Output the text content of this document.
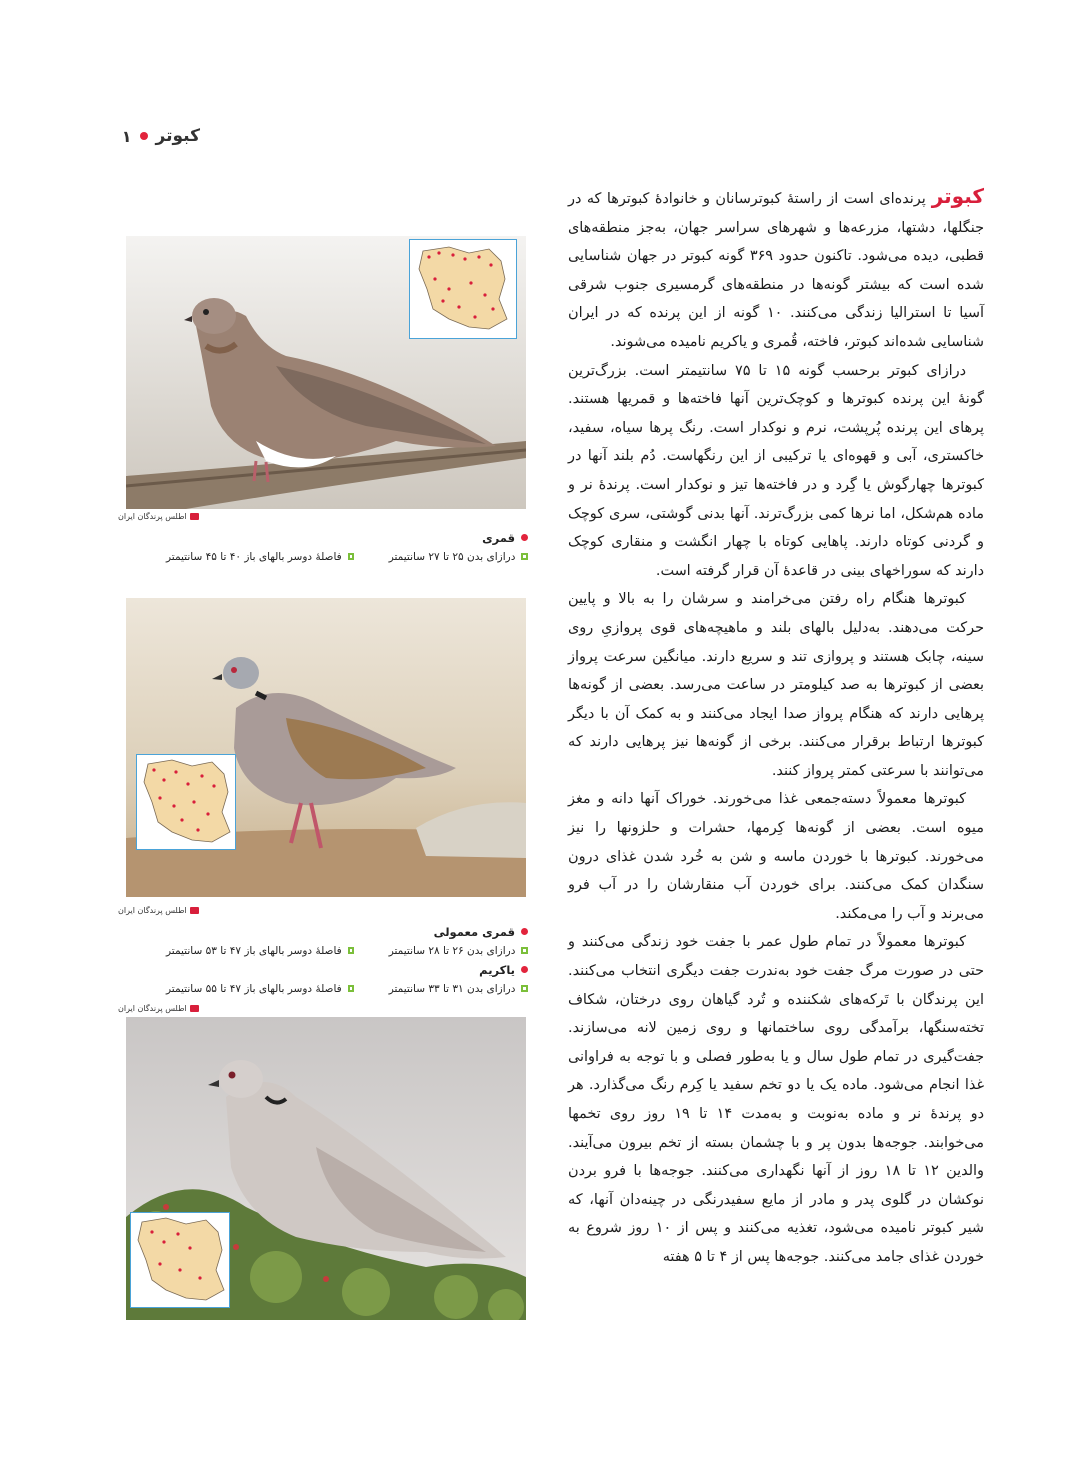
کبوتر
۱

کبوترپرنده‌ای است از راستهٔ کبوترسانان و خانوادهٔ کبوترها که در جنگلها، دشتها، مزرعه‌ها و شهرهای سراسر جهان، به‌جز منطقه‌های قطبی، دیده می‌شود. تاکنون حدود ۳۶۹ گونه کبوتر در جهان شناسایی شده است که بیشتر گونه‌ها در منطقه‌های گرمسیری جنوب شرقی آسیا تا استرالیا زندگی می‌کنند. ۱۰ گونه از این پرنده که در ایران شناسایی شده‌اند کبوتر، فاخته، قُمری و یاکریم نامیده می‌شوند.

درازای کبوتر برحسب گونه ۱۵ تا ۷۵ سانتیمتر است. بزرگ‌ترین گونهٔ این پرنده کبوترها و کوچک‌ترین آنها فاخته‌ها و قمریها هستند. پرهای این پرنده پُرپشت، نرم و نوکدار است. رنگ پرها سیاه، سفید، خاکستری، آبی و قهوه‌ای یا ترکیبی از این رنگهاست. دُم بلند آنها در کبوترها چهارگوش یا گِرد و در فاخته‌ها تیز و نوکدار است. پرندهٔ نر و ماده هم‌شکل، اما نرها کمی بزرگ‌ترند. آنها بدنی گوشتی، سری کوچک و گردنی کوتاه دارند. پاهایی کوتاه با چهار انگشت و منقاری کوچک دارند که سوراخهای بینی در قاعدهٔ آن قرار گرفته است.

کبوترها هنگام راه رفتن می‌خرامند و سرشان را به بالا و پایین حرکت می‌دهند. به‌دلیل بالهای بلند و ماهیچه‌های قوی پروازیِ روی سینه، چابک هستند و پروازی تند و سریع دارند. میانگین سرعت پرواز بعضی از کبوترها به صد کیلومتر در ساعت می‌رسد. بعضی از گونه‌ها پرهایی دارند که هنگام پرواز صدا ایجاد می‌کنند و به کمک آن با دیگر کبوترها ارتباط برقرار می‌کنند. برخی از گونه‌ها نیز پرهایی دارند که می‌توانند با سرعتی کمتر پرواز کنند.

کبوترها معمولاً دسته‌جمعی غذا می‌خورند. خوراک آنها دانه و مغز میوه است. بعضی از گونه‌ها کِرمها، حشرات و حلزونها را نیز می‌خورند. کبوترها با خوردن ماسه و شن به خُرد شدن غذای درون سنگدان کمک می‌کنند. برای خوردن آب منقارشان را در آب فرو می‌برند و آب را می‌مکند.

کبوترها معمولاً در تمام طول عمر با جفت خود زندگی می‌کنند و حتی در صورت مرگ جفت خود به‌ندرت جفت دیگری انتخاب می‌کنند. این پرندگان با تَرکه‌های شکننده و تُرد گیاهان روی درختان، شکاف تخته‌سنگها، برآمدگی روی ساختمانها و روی زمین لانه می‌سازند. جفت‌گیری در تمام طول سال و یا به‌طور فصلی و با توجه به فراوانی غذا انجام می‌شود. ماده یک یا دو تخم سفید یا کِرم رنگ می‌گذارد. هر دو پرندهٔ نر و ماده به‌نوبت و به‌مدت ۱۴ تا ۱۹ روز روی تخمها می‌خوابند. جوجه‌ها بدون پر و با چشمان بسته از تخم بیرون می‌آیند. والدین ۱۲ تا ۱۸ روز از آنها نگهداری می‌کنند. جوجه‌ها با فرو بردن نوکشان در گلوی پدر و مادر از مایع سفیدرنگی در چینه‌دان آنها، که شیر کبوتر نامیده می‌شود، تغذیه می‌کنند و پس از ۱۰ روز شروع به خوردن غذای جامد می‌کنند. جوجه‌ها پس از ۴ تا ۵ هفته

اطلس پرندگان ایران
قمری
درازای بدن ۲۵ تا ۲۷ سانتیمتر
فاصلهٔ دوسر بالهای باز ۴۰ تا ۴۵ سانتیمتر
اطلس پرندگان ایران
قمری معمولی
درازای بدن ۲۶ تا ۲۸ سانتیمتر
فاصلهٔ دوسر بالهای باز ۴۷ تا ۵۳ سانتیمتر
یاکریم
درازای بدن ۳۱ تا ۳۳ سانتیمتر
فاصلهٔ دوسر بالهای باز ۴۷ تا ۵۵ سانتیمتر
اطلس پرندگان ایران
